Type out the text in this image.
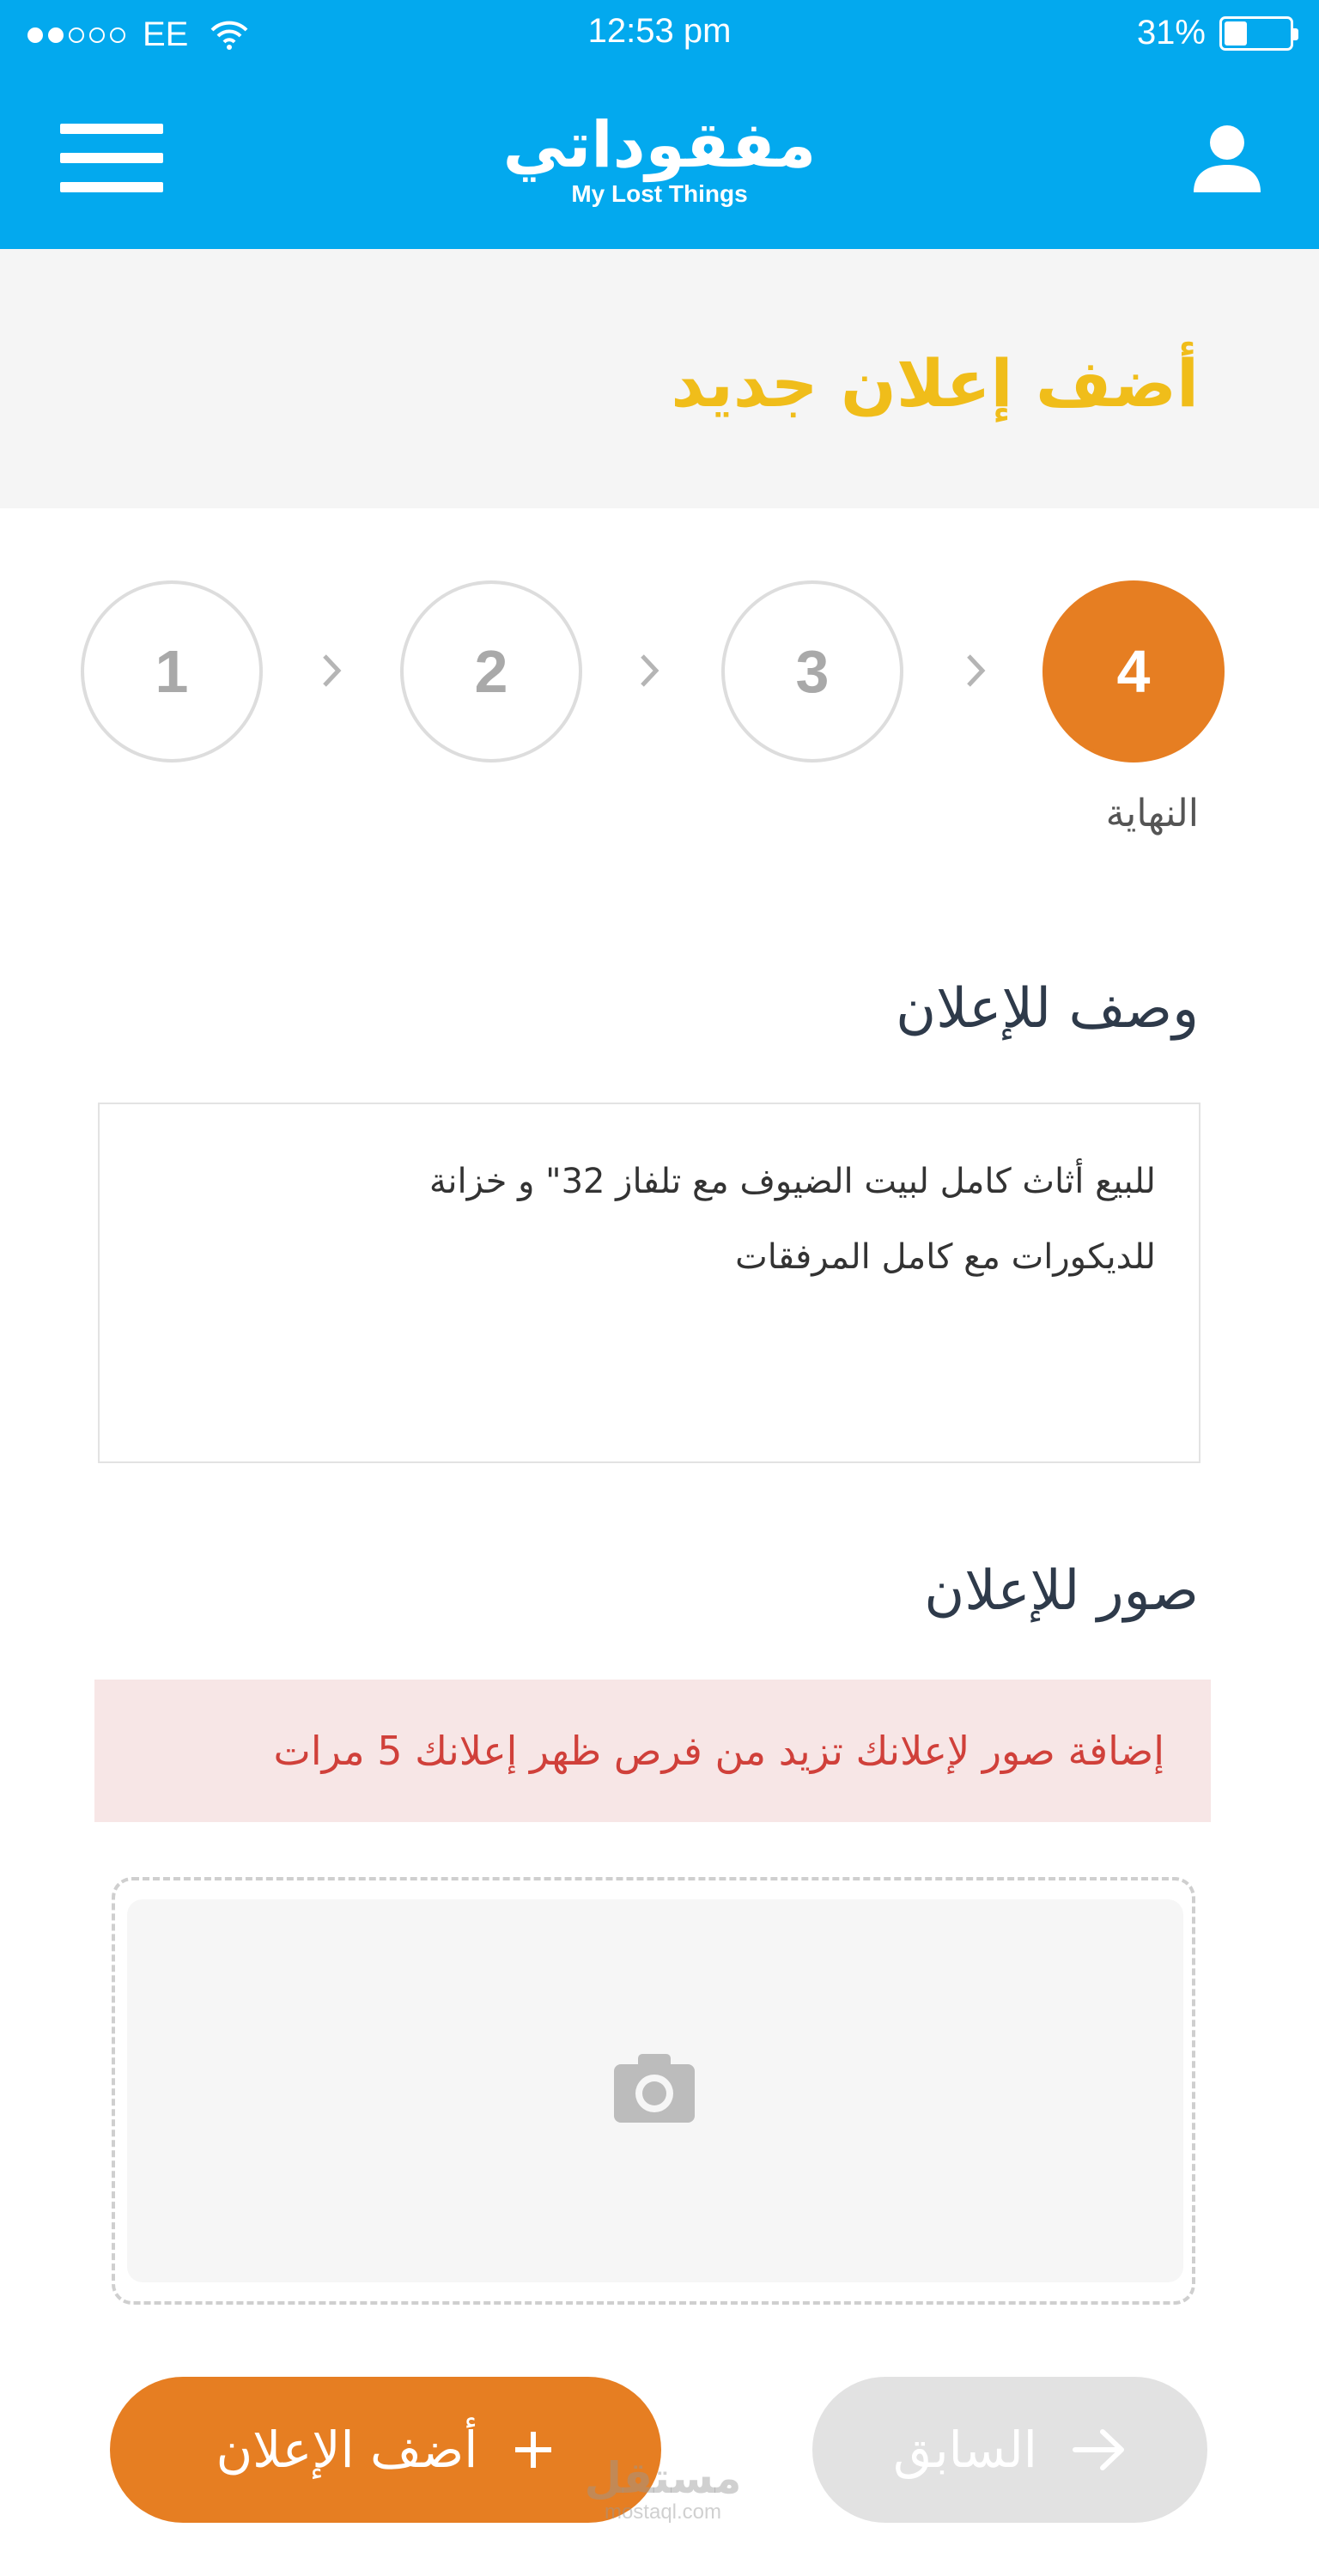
EE	12:53 pm	31%
مفقوداتي
My Lost Things
أضف إعلان جديد
1	2	3	4
النهاية
وصف للإعلان
للبيع أثاث كامل لبيت الضيوف مع تلفاز 32" و خزانة
للديكورات مع كامل المرفقات
صور للإعلان
إضافة صور لإعلانك تزيد من فرص ظهر إعلانك 5 مرات
أضف الإعلان	السابق
مستقل
mostaql.com
